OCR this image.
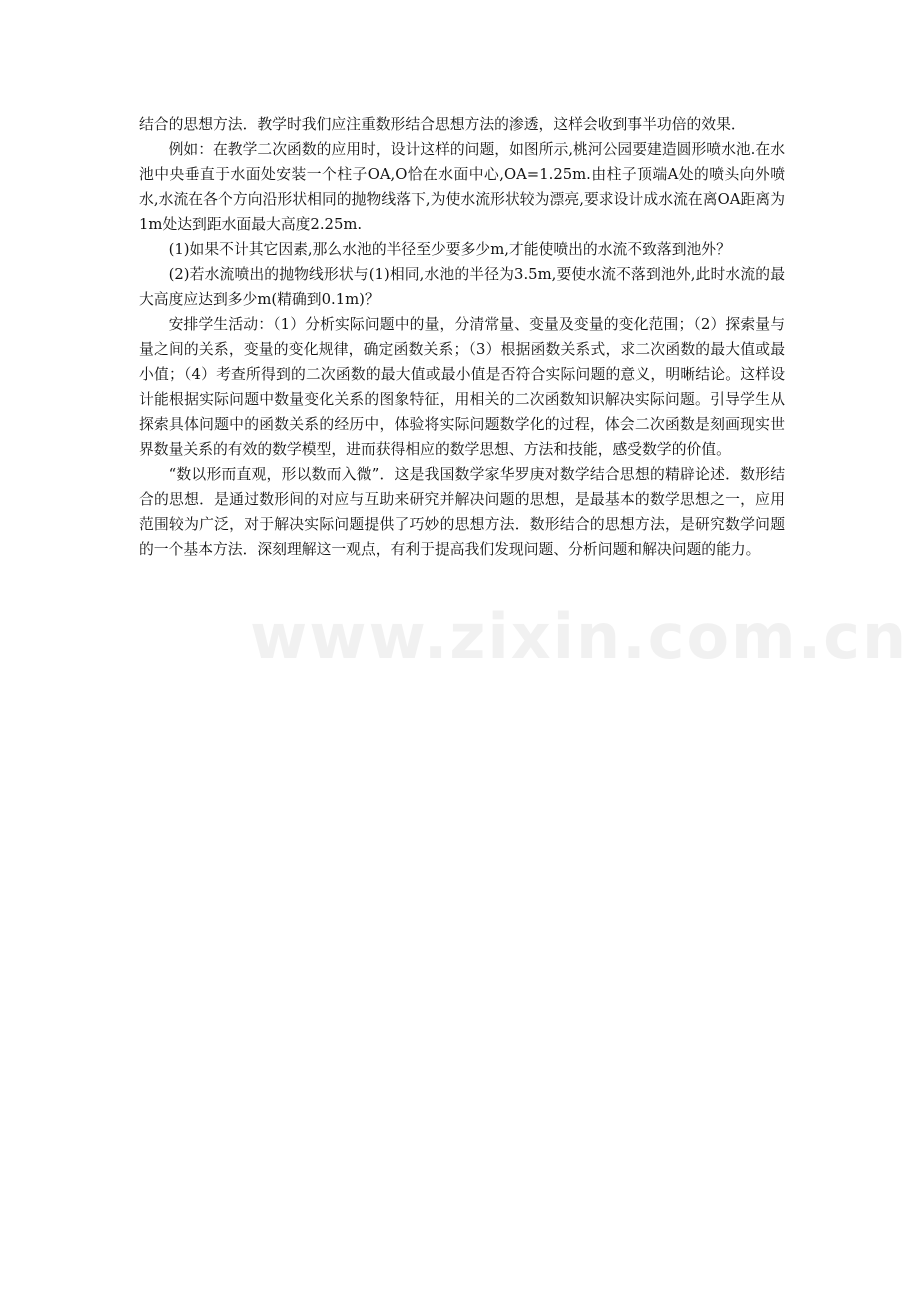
结合的思想方法．教学时我们应注重数形结合思想方法的渗透，这样会收到事半功倍的效果．

例如：在教学二次函数的应用时，设计这样的问题，如图所示,桃河公园要建造圆形喷水池.在水池中央垂直于水面处安装一个柱子OA,O恰在水面中心,OA=1.25m.由柱子顶端A处的喷头向外喷水,水流在各个方向沿形状相同的抛物线落下,为使水流形状较为漂亮,要求设计成水流在离OA距离为1m处达到距水面最大高度2.25m.

(1)如果不计其它因素,那么水池的半径至少要多少m,才能使喷出的水流不致落到池外？

(2)若水流喷出的抛物线形状与(1)相同,水池的半径为3.5m,要使水流不落到池外,此时水流的最大高度应达到多少m(精确到0.1m)？

安排学生活动：（1）分析实际问题中的量，分清常量、变量及变量的变化范围；（2）探索量与量之间的关系，变量的变化规律，确定函数关系；（3）根据函数关系式，求二次函数的最大值或最小值；（4）考查所得到的二次函数的最大值或最小值是否符合实际问题的意义，明晰结论。这样设计能根据实际问题中数量变化关系的图象特征，用相关的二次函数知识解决实际问题。引导学生从探索具体问题中的函数关系的经历中，体验将实际问题数学化的过程，体会二次函数是刻画现实世界数量关系的有效的数学模型，进而获得相应的数学思想、方法和技能，感受数学的价值。

“数以形而直观，形以数而入微”．这是我国数学家华罗庚对数学结合思想的精辟论述．数形结合的思想．是通过数形间的对应与互助来研究并解决问题的思想，是最基本的数学思想之一，应用范围较为广泛，对于解决实际问题提供了巧妙的思想方法．数形结合的思想方法，是研究数学问题的一个基本方法．深刻理解这一观点，有利于提高我们发现问题、分析问题和解决问题的能力。

www.zixin.com.cn
